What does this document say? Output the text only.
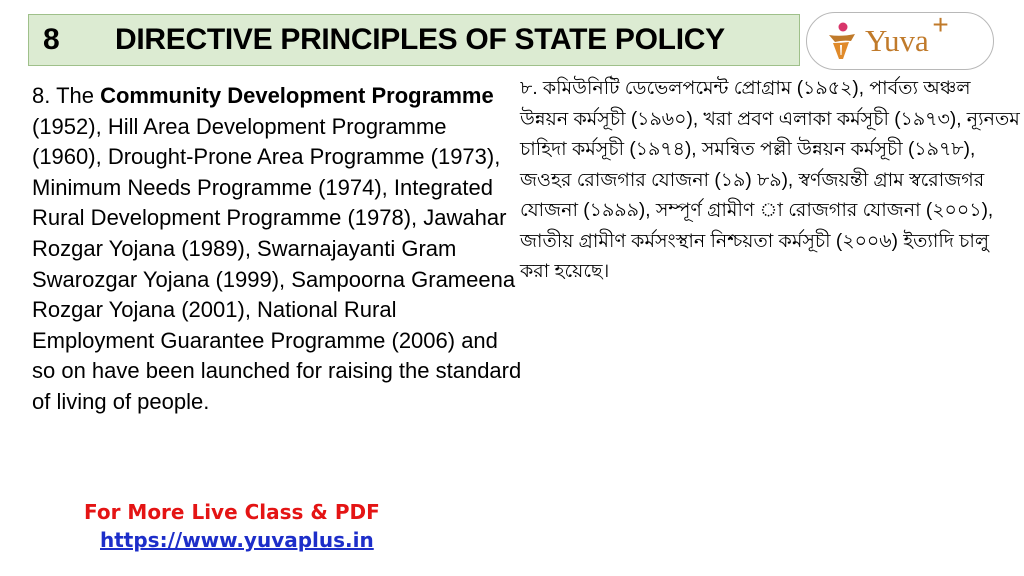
8	DIRECTIVE PRINCIPLES OF STATE POLICY	Yuva +
8. The Community Development Programme (1952), Hill Area Development Programme (1960), Drought-Prone Area Programme (1973), Minimum Needs Programme (1974), Integrated Rural Development Programme (1978), Jawahar Rozgar Yojana (1989), Swarnajayanti Gram Swarozgar Yojana (1999), Sampoorna Grameena Rozgar Yojana (2001), National Rural Employment Guarantee Programme (2006) and so on have been launched for raising the standard of living of people.
৮. কমিউনিটি ডেভেলপমেন্ট প্রোগ্রাম (১৯৫২), পার্বত্য অঞ্চল উন্নয়ন কর্মসূচী (১৯৬০), খরা প্রবণ এলাকা কর্মসূচী (১৯৭৩), ন্যূনতম চাহিদা কর্মসূচী (১৯৭৪), সমন্বিত পল্লী উন্নয়ন কর্মসূচী (১৯৭৮), জওহর রোজগার যোজনা (১৯) ৮৯), স্বর্ণজয়ন্তী গ্রাম স্বরোজগর যোজনা (১৯৯৯), সম্পূর্ণ গ্রামীণ া রোজগার যোজনা (২০০১), জাতীয় গ্রামীণ কর্মসংস্থান নিশ্চয়তা কর্মসূচী (২০০৬) ইত্যাদি চালু করা হয়েছে।
For More Live Class & PDF
https://www.yuvaplus.in
